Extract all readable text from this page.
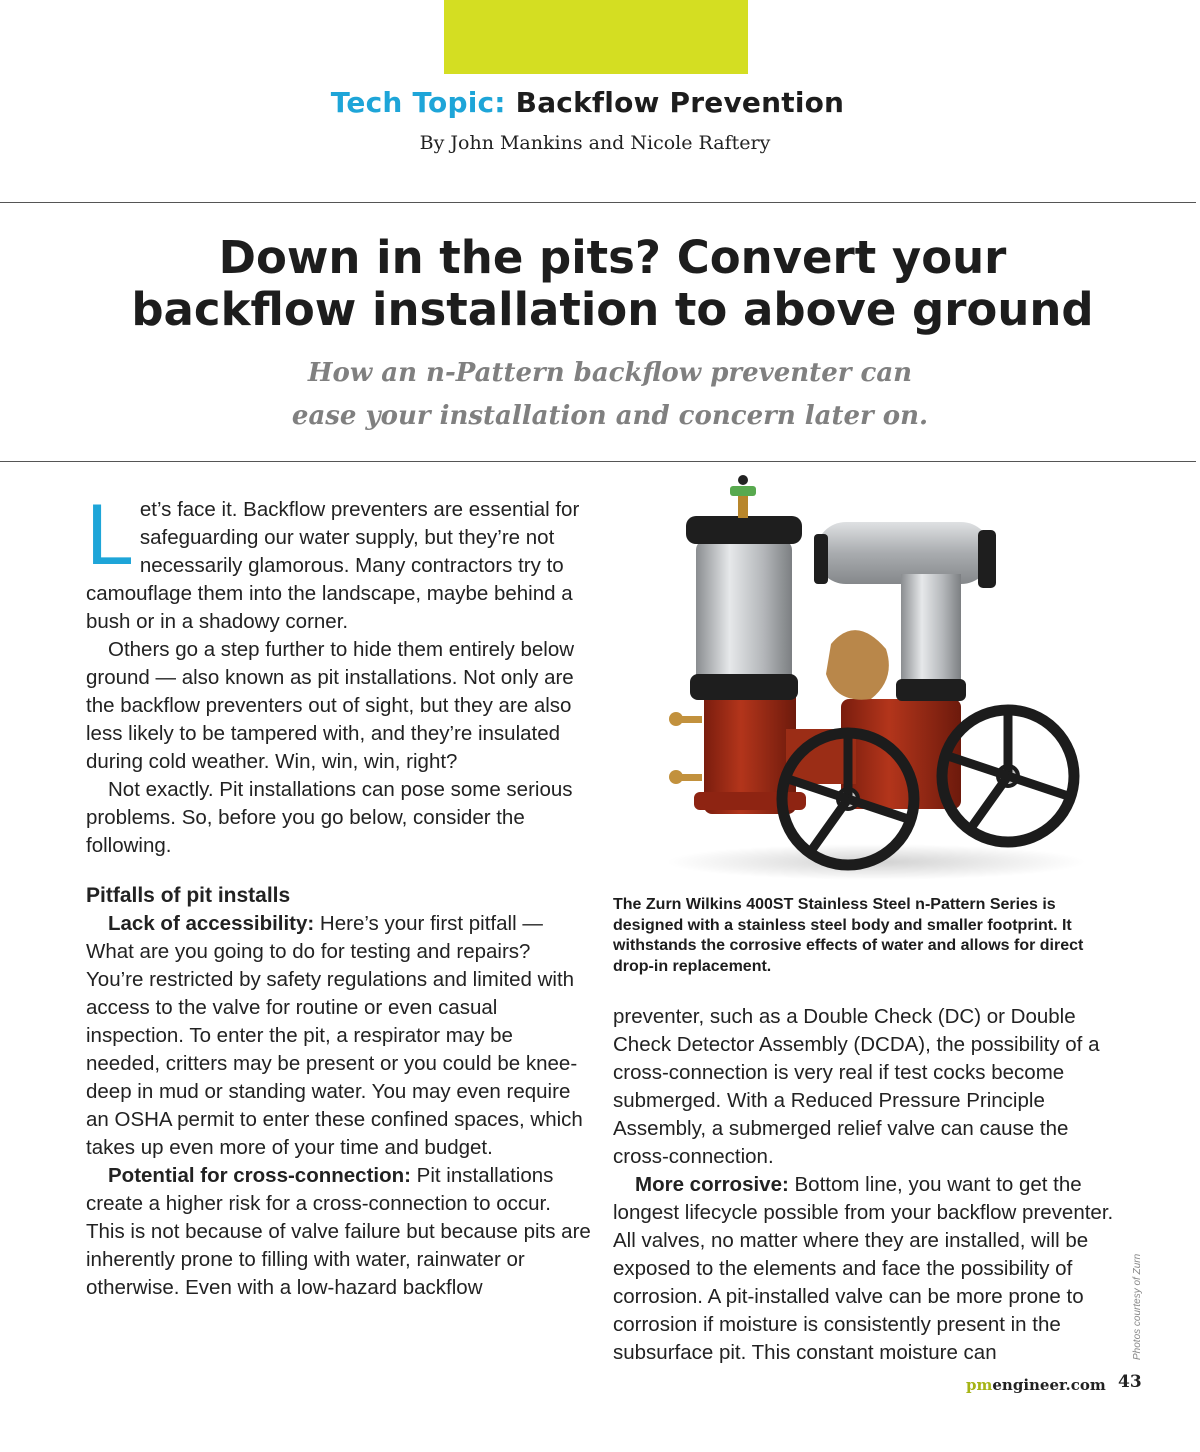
Tech Topic: Backflow Prevention
By John Mankins and Nicole Raftery
Down in the pits? Convert your
backflow installation to above ground
How an n-Pattern backflow preventer can
ease your installation and concern later on.

Let’s face it. Backflow preventers are essential for safeguarding our water supply, but they’re not necessarily glamorous. Many contractors try to camouflage them into the landscape, maybe behind a bush or in a shadowy corner.

Others go a step further to hide them entirely below ground — also known as pit installations. Not only are the backflow preventers out of sight, but they are also less likely to be tampered with, and they’re insulated during cold weather. Win, win, win, right?

Not exactly. Pit installations can pose some serious problems. So, before you go below, consider the following.

Pitfalls of pit installs

Lack of accessibility: Here’s your first pitfall — What are you going to do for testing and repairs? You’re restricted by safety regulations and limited with access to the valve for routine or even casual inspection. To enter the pit, a respirator may be needed, critters may be present or you could be knee-deep in mud or standing water. You may even require an OSHA permit to enter these confined spaces, which takes up even more of your time and budget.

Potential for cross-connection: Pit installations create a higher risk for a cross-connection to occur. This is not because of valve failure but because pits are inherently prone to filling with water, rainwater or otherwise. Even with a low-hazard backflow

The Zurn Wilkins 400ST Stainless Steel n-Pattern Series is designed with a stainless steel body and smaller footprint. It withstands the corrosive effects of water and allows for direct drop-in replacement.

preventer, such as a Double Check (DC) or Double Check Detector Assembly (DCDA), the possibility of a cross-connection is very real if test cocks become submerged. With a Reduced Pressure Principle Assembly, a submerged relief valve can cause the cross-connection.

More corrosive: Bottom line, you want to get the longest lifecycle possible from your backflow preventer. All valves, no matter where they are installed, will be exposed to the elements and face the possibility of corrosion. A pit-installed valve can be more prone to corrosion if moisture is consistently present in the subsurface pit. This constant moisture can	Photos courtesy of Zurn
pmengineer.com 43
